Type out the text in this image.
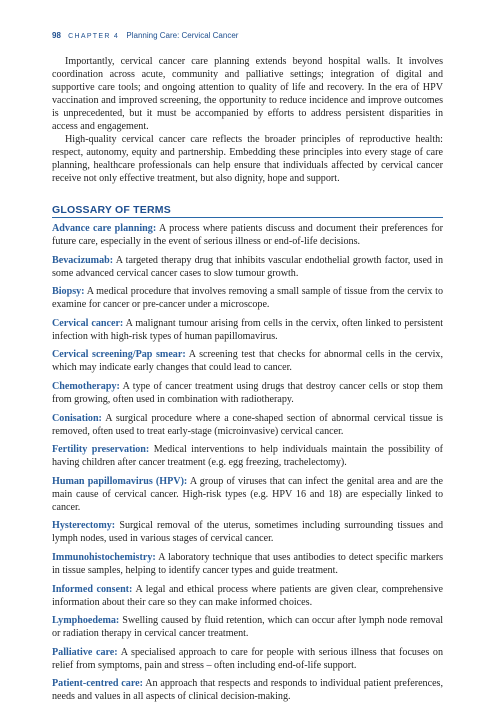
98 CHAPTER 4 Planning Care: Cervical Cancer

Importantly, cervical cancer care planning extends beyond hospital walls. It involves coordination across acute, community and palliative settings; integration of digital and supportive care tools; and ongoing attention to quality of life and recovery. In the era of HPV vaccination and improved screening, the opportunity to reduce incidence and improve outcomes is unprecedented, but it must be accompanied by efforts to address persistent disparities in access and engagement.

High-quality cervical cancer care reflects the broader principles of reproductive health: respect, autonomy, equity and partnership. Embedding these principles into every stage of care planning, healthcare professionals can help ensure that individuals affected by cervical cancer receive not only effective treatment, but also dignity, hope and support.

GLOSSARY OF TERMS

Advance care planning: A process where patients discuss and document their preferences for future care, especially in the event of serious illness or end-of-life decisions.

Bevacizumab: A targeted therapy drug that inhibits vascular endothelial growth factor, used in some advanced cervical cancer cases to slow tumour growth.

Biopsy: A medical procedure that involves removing a small sample of tissue from the cervix to examine for cancer or pre-cancer under a microscope.

Cervical cancer: A malignant tumour arising from cells in the cervix, often linked to persistent infection with high-risk types of human papillomavirus.

Cervical screening/Pap smear: A screening test that checks for abnormal cells in the cervix, which may indicate early changes that could lead to cancer.

Chemotherapy: A type of cancer treatment using drugs that destroy cancer cells or stop them from growing, often used in combination with radiotherapy.

Conisation: A surgical procedure where a cone-shaped section of abnormal cervical tissue is removed, often used to treat early-stage (microinvasive) cervical cancer.

Fertility preservation: Medical interventions to help individuals maintain the possibility of having children after cancer treatment (e.g. egg freezing, trachelectomy).

Human papillomavirus (HPV): A group of viruses that can infect the genital area and are the main cause of cervical cancer. High-risk types (e.g. HPV 16 and 18) are especially linked to cancer.

Hysterectomy: Surgical removal of the uterus, sometimes including surrounding tissues and lymph nodes, used in various stages of cervical cancer.

Immunohistochemistry: A laboratory technique that uses antibodies to detect specific markers in tissue samples, helping to identify cancer types and guide treatment.

Informed consent: A legal and ethical process where patients are given clear, comprehensive information about their care so they can make informed choices.

Lymphoedema: Swelling caused by fluid retention, which can occur after lymph node removal or radiation therapy in cervical cancer treatment.

Palliative care: A specialised approach to care for people with serious illness that focuses on relief from symptoms, pain and stress – often including end-of-life support.

Patient-centred care: An approach that respects and responds to individual patient preferences, needs and values in all aspects of clinical decision-making.
